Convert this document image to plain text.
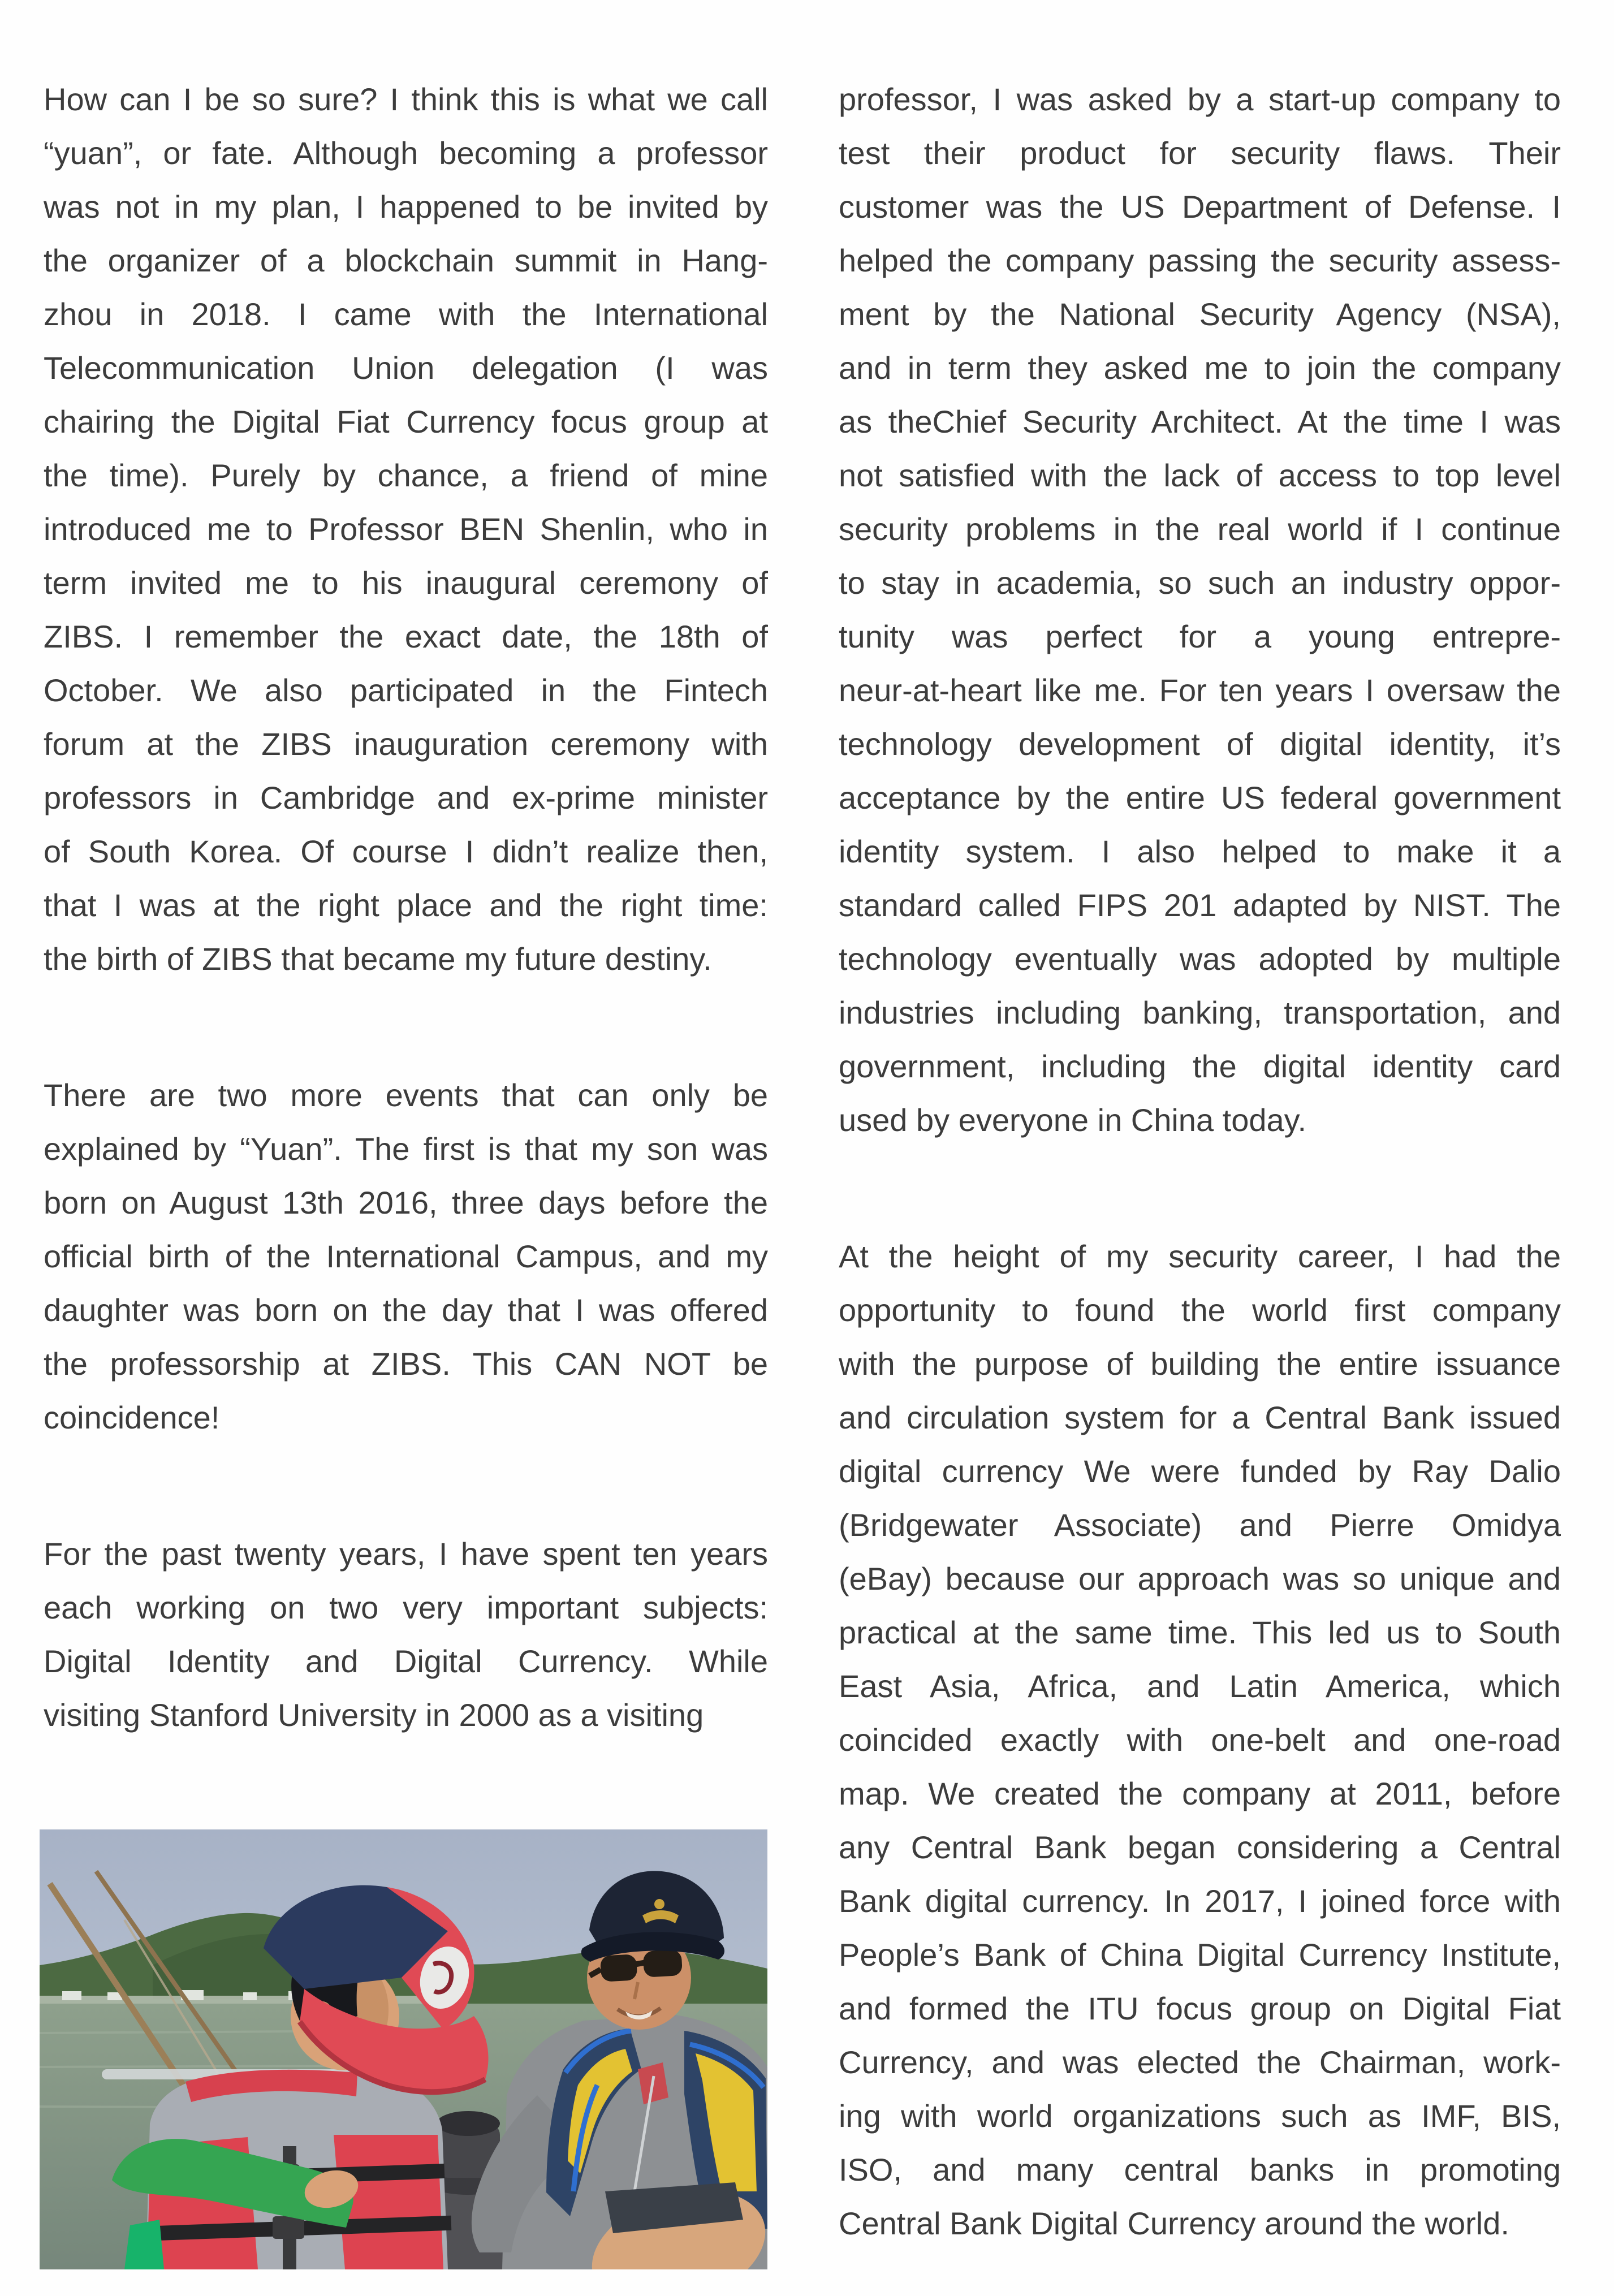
How can I be so sure? I think this is what we call
“yuan”, or fate. Although becoming a professor
was not in my plan, I happened to be invited by
the organizer of a blockchain summit in Hang-
zhou in 2018. I came with the International
Telecommunication Union delegation (I was
chairing the Digital Fiat Currency focus group at
the time). Purely by chance, a friend of mine
introduced me to Professor BEN Shenlin, who in
term invited me to his inaugural ceremony of
ZIBS. I remember the exact date, the 18th of
October. We also participated in the Fintech
forum at the ZIBS inauguration ceremony with
professors in Cambridge and ex-prime minister
of South Korea. Of course I didn’t realize then,
that I was at the right place and the right time:
the birth of ZIBS that became my future destiny.
There are two more events that can only be
explained by “Yuan”. The first is that my son was
born on August 13th 2016, three days before the
official birth of the International Campus, and my
daughter was born on the day that I was offered
the professorship at ZIBS. This CAN NOT be
coincidence!
For the past twenty years, I have spent ten years
each working on two very important subjects:
Digital Identity and Digital Currency. While
visiting Stanford University in 2000 as a visiting
professor, I was asked by a start-up company to
test their product for security flaws. Their
customer was the US Department of Defense. I
helped the company passing the security assess-
ment by the National Security Agency (NSA),
and in term they asked me to join the company
as theChief Security Architect. At the time I was
not satisfied with the lack of access to top level
security problems in the real world if I continue
to stay in academia, so such an industry oppor-
tunity was perfect for a young entrepre-
neur-at-heart like me. For ten years I oversaw the
technology development of digital identity, it’s
acceptance by the entire US federal government
identity system. I also helped to make it a
standard called FIPS 201 adapted by NIST. The
technology eventually was adopted by multiple
industries including banking, transportation, and
government, including the digital identity card
used by everyone in China today.
At the height of my security career, I had the
opportunity to found the world first company
with the purpose of building the entire issuance
and circulation system for a Central Bank issued
digital currency We were funded by Ray Dalio
(Bridgewater Associate) and Pierre Omidya
(eBay) because our approach was so unique and
practical at the same time. This led us to South
East Asia, Africa, and Latin America, which
coincided exactly with one-belt and one-road
map. We created the company at 2011, before
any Central Bank began considering a Central
Bank digital currency. In 2017, I joined force with
People’s Bank of China Digital Currency Institute,
and formed the ITU focus group on Digital Fiat
Currency, and was elected the Chairman, work-
ing with world organizations such as IMF, BIS,
ISO, and many central banks in promoting
Central Bank Digital Currency around the world.
